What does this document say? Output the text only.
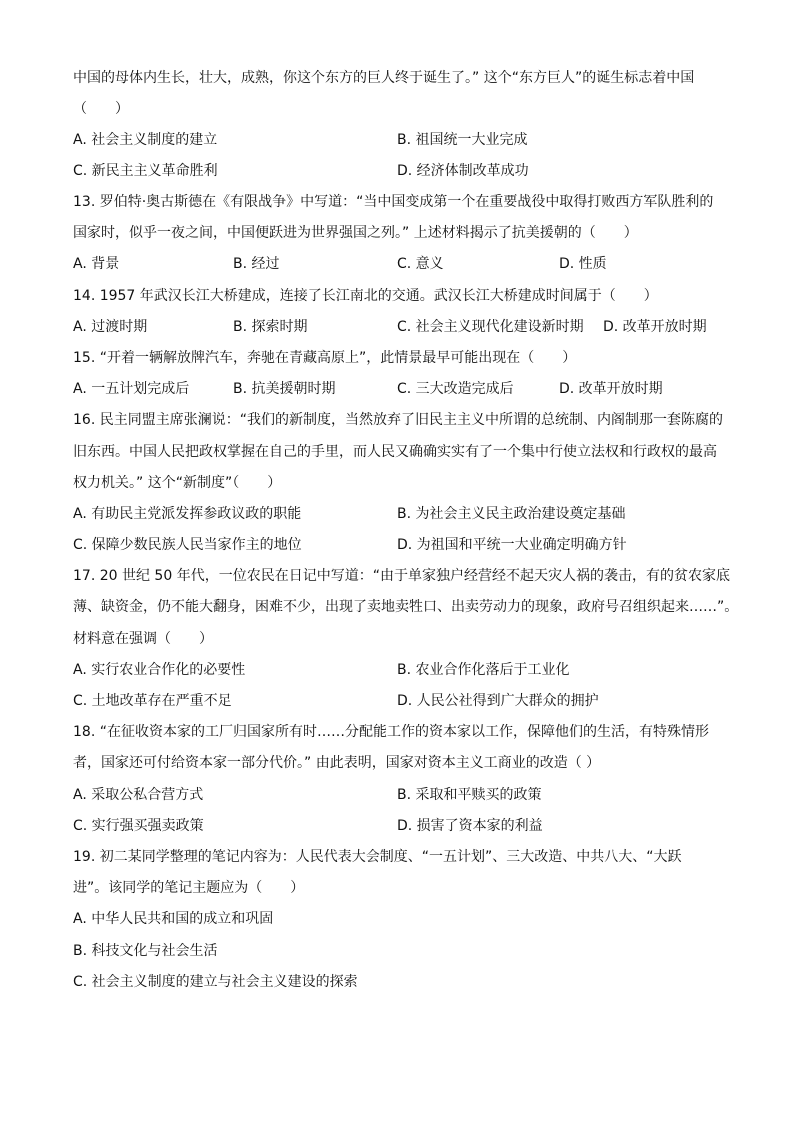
中国的母体内生长，壮大，成熟，你这个东方的巨人终于诞生了。” 这个“东方巨人”的诞生标志着中国
（　　）
A. 社会主义制度的建立	B. 祖国统一大业完成
C. 新民主主义革命胜利	D. 经济体制改革成功
13. 罗伯特·奥古斯德在《有限战争》中写道：“当中国变成第一个在重要战役中取得打败西方军队胜利的
国家时，似乎一夜之间，中国便跃进为世界强国之列。” 上述材料揭示了抗美援朝的（　　）
A. 背景	B. 经过	C. 意义	D. 性质
14. 1957 年武汉长江大桥建成，连接了长江南北的交通。武汉长江大桥建成时间属于（　　）
A. 过渡时期	B. 探索时期	C. 社会主义现代化建设新时期 D. 改革开放时期
15. “开着一辆解放牌汽车，奔驰在青藏高原上”，此情景最早可能出现在（　　）
A. 一五计划完成后	B. 抗美援朝时期	C. 三大改造完成后	D. 改革开放时期
16. 民主同盟主席张澜说：“我们的新制度，当然放弃了旧民主主义中所谓的总统制、内阁制那一套陈腐的
旧东西。中国人民把政权掌握在自己的手里，而人民又确确实实有了一个集中行使立法权和行政权的最高
权力机关。” 这个“新制度”（　　）
A. 有助民主党派发挥参政议政的职能	B. 为社会主义民主政治建设奠定基础
C. 保障少数民族人民当家作主的地位	D. 为祖国和平统一大业确定明确方针
17. 20 世纪 50 年代，一位农民在日记中写道：“由于单家独户经营经不起天灾人祸的袭击，有的贫农家底
薄、缺资金，仍不能大翻身，困难不少，出现了卖地卖牲口、出卖劳动力的现象，政府号召组织起来……”。
材料意在强调（　　）
A. 实行农业合作化的必要性	B. 农业合作化落后于工业化
C. 土地改革存在严重不足	D. 人民公社得到广大群众的拥护
18. “在征收资本家的工厂归国家所有时……分配能工作的资本家以工作，保障他们的生活，有特殊情形
者，国家还可付给资本家一部分代价。” 由此表明，国家对资本主义工商业的改造（ ）
A. 采取公私合营方式	B. 采取和平赎买的政策
C. 实行强买强卖政策	D. 损害了资本家的利益
19. 初二某同学整理的笔记内容为：人民代表大会制度、“一五计划”、三大改造、中共八大、“大跃
进”。该同学的笔记主题应为（　　）
A. 中华人民共和国的成立和巩固
B. 科技文化与社会生活
C. 社会主义制度的建立与社会主义建设的探索
